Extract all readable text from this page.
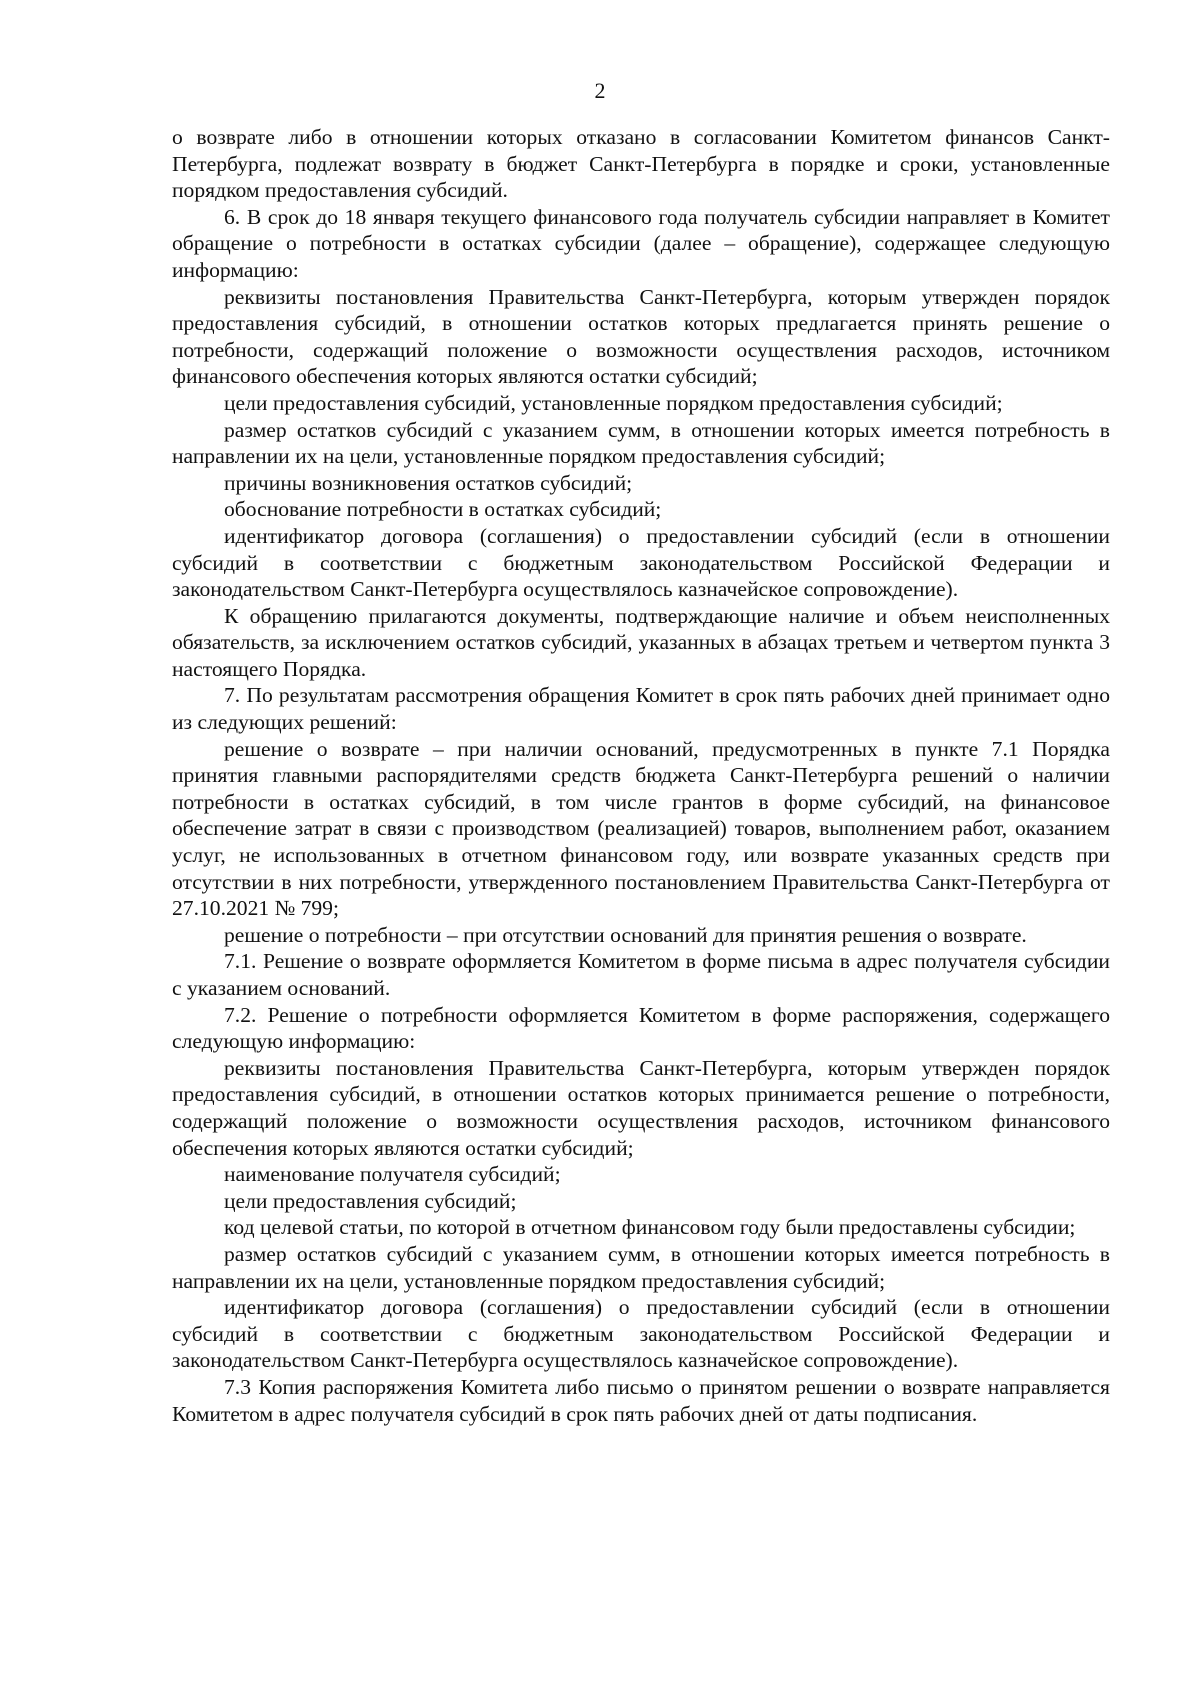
2

о возврате либо в отношении которых отказано в согласовании Комитетом финансов Санкт-Петербурга, подлежат возврату в бюджет Санкт-Петербурга в порядке и сроки, установленные порядком предоставления субсидий.

6. В срок до 18 января текущего финансового года получатель субсидии направляет в Комитет обращение о потребности в остатках субсидии (далее – обращение), содержащее следующую информацию:

реквизиты постановления Правительства Санкт-Петербурга, которым утвержден порядок предоставления субсидий, в отношении остатков которых предлагается принять решение о потребности, содержащий положение о возможности осуществления расходов, источником финансового обеспечения которых являются остатки субсидий;

цели предоставления субсидий, установленные порядком предоставления субсидий;

размер остатков субсидий с указанием сумм, в отношении которых имеется потребность в направлении их на цели, установленные порядком предоставления субсидий;

причины возникновения остатков субсидий;

обоснование потребности в остатках субсидий;

идентификатор договора (соглашения) о предоставлении субсидий (если в отношении субсидий в соответствии с бюджетным законодательством Российской Федерации и законодательством Санкт-Петербурга осуществлялось казначейское сопровождение).

К обращению прилагаются документы, подтверждающие наличие и объем неисполненных обязательств, за исключением остатков субсидий, указанных в абзацах третьем и четвертом пункта 3 настоящего Порядка.

7. По результатам рассмотрения обращения Комитет в срок пять рабочих дней принимает одно из следующих решений:

решение о возврате – при наличии оснований, предусмотренных в пункте 7.1 Порядка принятия главными распорядителями средств бюджета Санкт-Петербурга решений о наличии потребности в остатках субсидий, в том числе грантов в форме субсидий, на финансовое обеспечение затрат в связи с производством (реализацией) товаров, выполнением работ, оказанием услуг, не использованных в отчетном финансовом году, или возврате указанных средств при отсутствии в них потребности, утвержденного постановлением Правительства Санкт-Петербурга от 27.10.2021 № 799;

решение о потребности – при отсутствии оснований для принятия решения о возврате.

7.1. Решение о возврате оформляется Комитетом в форме письма в адрес получателя субсидии с указанием оснований.

7.2. Решение о потребности оформляется Комитетом в форме распоряжения, содержащего следующую информацию:

реквизиты постановления Правительства Санкт-Петербурга, которым утвержден порядок предоставления субсидий, в отношении остатков которых принимается решение о потребности, содержащий положение о возможности осуществления расходов, источником финансового обеспечения которых являются остатки субсидий;

наименование получателя субсидий;

цели предоставления субсидий;

код целевой статьи, по которой в отчетном финансовом году были предоставлены субсидии;

размер остатков субсидий с указанием сумм, в отношении которых имеется потребность в направлении их на цели, установленные порядком предоставления субсидий;

идентификатор договора (соглашения) о предоставлении субсидий (если в отношении субсидий в соответствии с бюджетным законодательством Российской Федерации и законодательством Санкт-Петербурга осуществлялось казначейское сопровождение).

7.3 Копия распоряжения Комитета либо письмо о принятом решении о возврате направляется Комитетом в адрес получателя субсидий в срок пять рабочих дней от даты подписания.
